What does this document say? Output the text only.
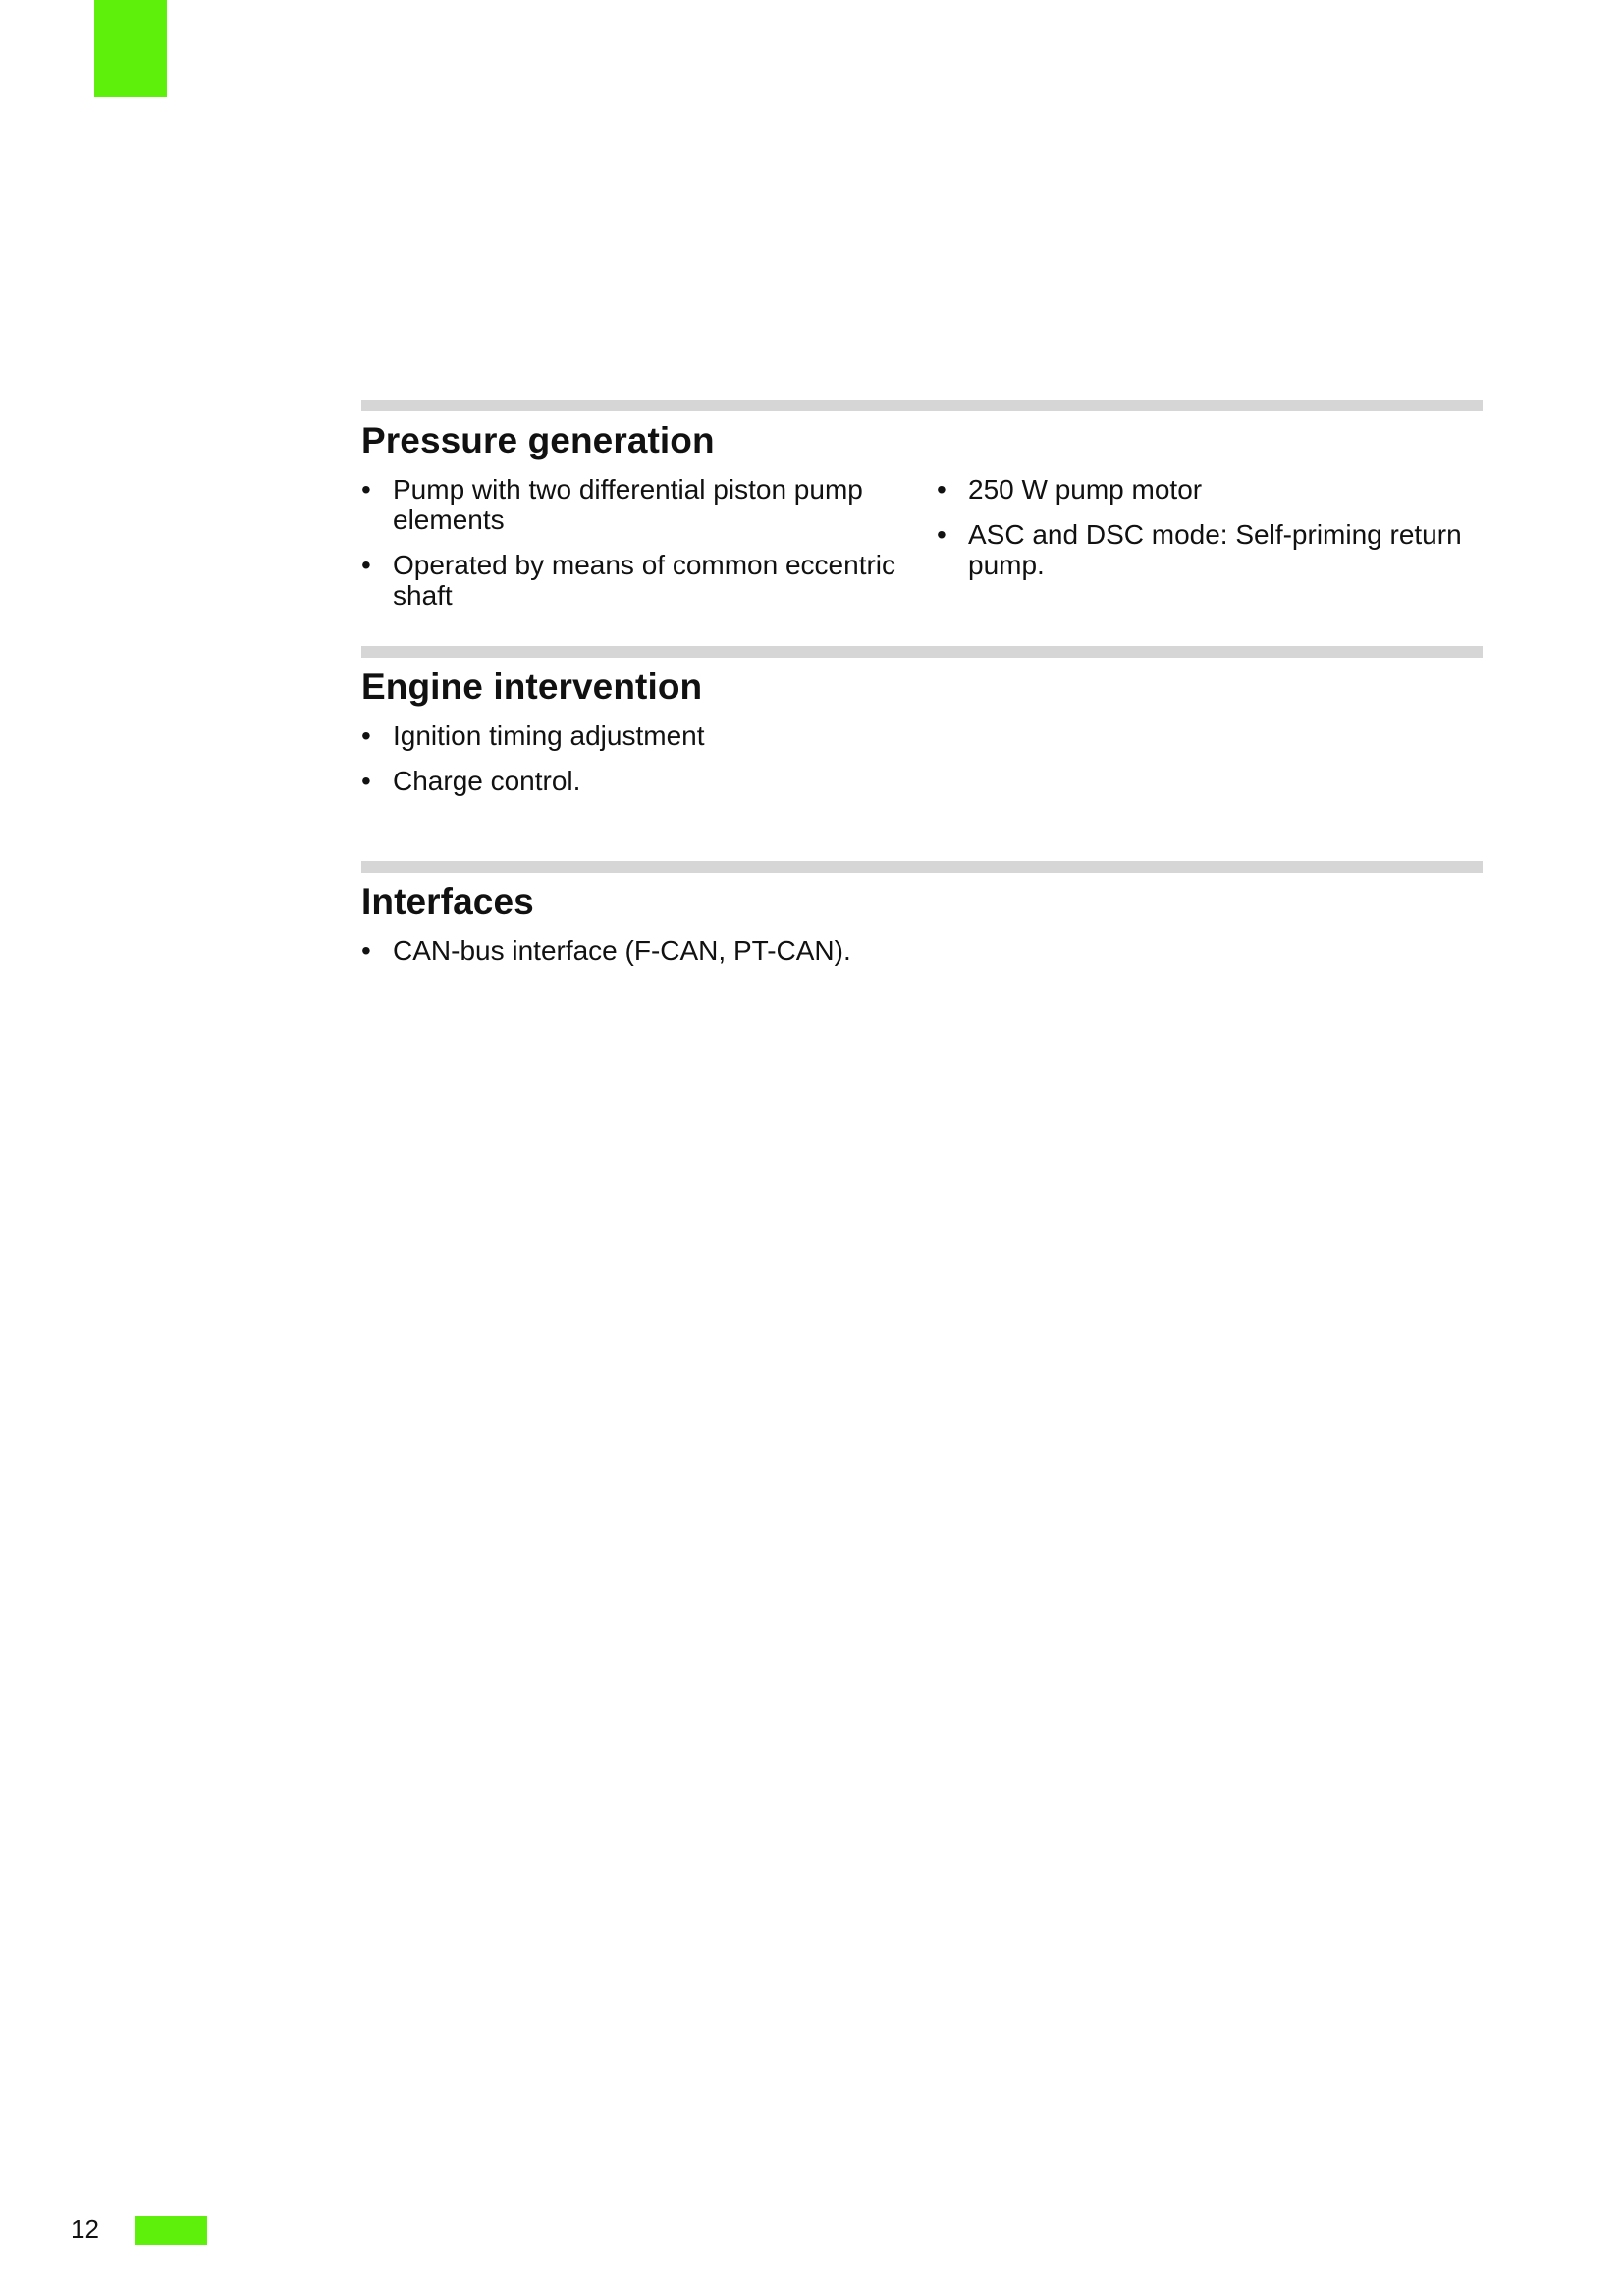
Pressure generation
• Pump with two differential piston pump elements
• Operated by means of common eccentric shaft
• 250 W pump motor
• ASC and DSC mode: Self-priming return pump.
Engine intervention
• Ignition timing adjustment
• Charge control.
Interfaces
• CAN-bus interface (F-CAN, PT-CAN).
12
